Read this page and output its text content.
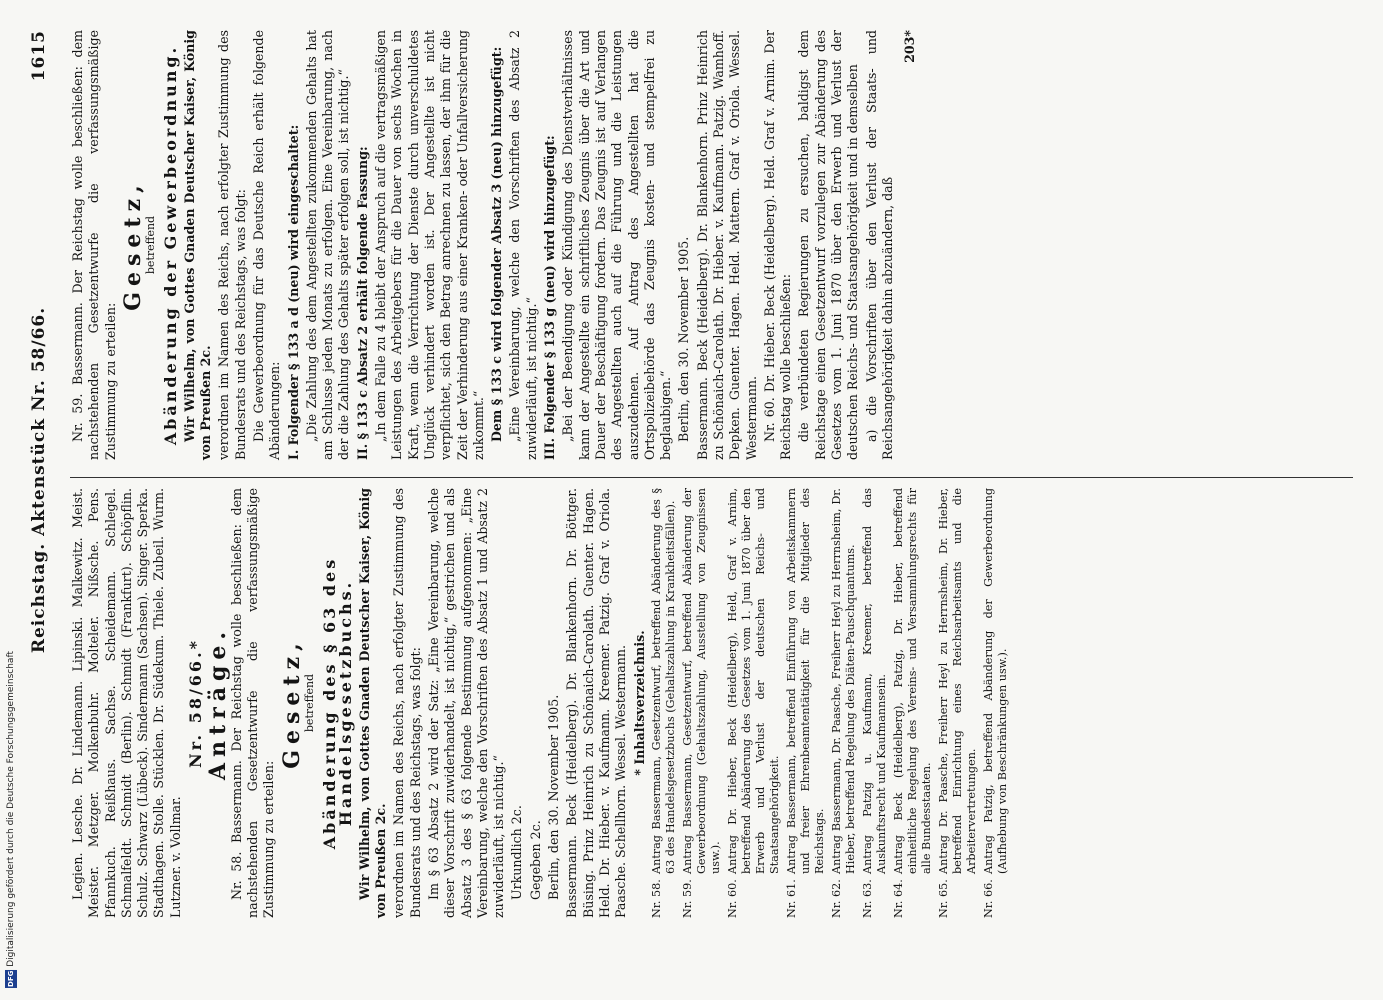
DFG Digitalisierung gefördert durch die Deutsche Forschungsgemeinschaft
Reichstag. Aktenstück Nr. 58/66.
1615

Legien. Lesche. Dr. Lindemann. Lipinski. Malkewitz. Meist. Meister. Metzger. Molkenbuhr. Molteler. Nißsche. Pens. Pfannkuch. Reißhaus. Sachse. Scheidemann. Schlegel. Schmalfeldt. Schmidt (Berlin). Schmidt (Frankfurt). Schöpflin. Schulz. Schwarz (Lübeck). Sindermann (Sachsen). Singer. Sperka. Stadthagen. Stolle. Stücklen. Dr. Südekum. Thiele. Zubeil. Wurm. Lutzner. v. Vollmar.

Nr. 58/66.* Anträge.

Nr. 58. Bassermann. Der Reichstag wolle beschließen: dem nachstehenden Gesetzentwurfe die verfassungsmäßige Zustimmung zu erteilen:

Gesetz,

betreffend Abänderung des § 63 des Handelsgesetzbuchs. Wir Wilhelm, von Gottes Gnaden Deutscher Kaiser, König von Preußen 2c. verordnen im Namen des Reichs, nach erfolgter Zustimmung des Bundesrats und des Reichstags, was folgt: Im § 63 Absatz 2 wird der Satz: „Eine Vereinbarung, welche dieser Vorschrift zuwiderhandelt, ist nichtig,“ gestrichen und als Absatz 3 des § 63 folgende Bestimmung aufgenommen: „Eine Vereinbarung, welche den Vorschriften des Absatz 1 und Absatz 2 zuwiderläuft, ist nichtig.“ Urkundlich 2c. Gegeben 2c. Berlin, den 30. November 1905. Bassermann. Beck (Heidelberg). Dr. Blankenhorn. Dr. Böttger. Büsing. Prinz Heinrich zu Schönaich-Carolath. Guenter. Hagen. Held. Dr. Hieber. v. Kaufmann. Kreemer. Patzig. Graf v. Oriola. Paasche. Schellhorn. Wessel. Westermann. * Inhaltsverzeichnis.

Nr. 58.
Antrag Bassermann, Gesetzentwurf, betreffend Abänderung des § 63 des Handelsgesetzbuchs (Gehaltszahlung in Krankheitsfällen).
Nr. 59.
Antrag Bassermann, Gesetzentwurf, betreffend Abänderung der Gewerbeordnung (Gehaltszahlung, Ausstellung von Zeugnissen usw.).
Nr. 60.
Antrag Dr. Hieber, Beck (Heidelberg), Held, Graf v. Arnim, betreffend Abänderung des Gesetzes vom 1. Juni 1870 über den Erwerb und Verlust der deutschen Reichs- und Staatsangehörigkeit.
Nr. 61.
Antrag Bassermann, betreffend Einführung von Arbeitskammern und freier Ehrenbeamtentätigkeit für die Mitglieder des Reichstags.
Nr. 62.
Antrag Bassermann, Dr. Paasche, Freiherr Heyl zu Herrnsheim, Dr. Hieber, betreffend Regelung des Diäten-Pauschquantums.
Nr. 63.
Antrag Patzig u. Kaufmann, Kreemer, betreffend das Auskunftsrecht und Kaufmannsein.
Nr. 64.
Antrag Beck (Heidelberg), Patzig, Dr. Hieber, betreffend einheitliche Regelung des Vereins- und Versammlungsrechts für alle Bundesstaaten.
Nr. 65.
Antrag Dr. Paasche, Freiherr Heyl zu Herrnsheim, Dr. Hieber, betreffend Einrichtung eines Reichsarbeitsamts und die Arbeitervertretungen.
Nr. 66.
Antrag Patzig, betreffend Abänderung der Gewerbeordnung (Aufhebung von Beschränkungen usw.).

Nr. 59. Bassermann. Der Reichstag wolle beschließen: dem nachstehenden Gesetzentwurfe die verfassungsmäßige Zustimmung zu erteilen:

Gesetz,

betreffend Abänderung der Gewerbeordnung. Wir Wilhelm, von Gottes Gnaden Deutscher Kaiser, König von Preußen 2c. verordnen im Namen des Reichs, nach erfolgter Zustimmung des Bundesrats und des Reichstags, was folgt: Die Gewerbeordnung für das Deutsche Reich erhält folgende Abänderungen: I. Folgender § 133 a d (neu) wird eingeschaltet: „Die Zahlung des dem Angestellten zukommenden Gehalts hat am Schlusse jeden Monats zu erfolgen. Eine Vereinbarung, nach der die Zahlung des Gehalts später erfolgen soll, ist nichtig.“ II. § 133 c Absatz 2 erhält folgende Fassung: „In dem Falle zu 4 bleibt der Anspruch auf die vertragsmäßigen Leistungen des Arbeitgebers für die Dauer von sechs Wochen in Kraft, wenn die Verrichtung der Dienste durch unverschuldetes Unglück verhindert worden ist. Der Angestellte ist nicht verpflichtet, sich den Betrag anrechnen zu lassen, der ihm für die Zeit der Verhinderung aus einer Kranken- oder Unfallversicherung zukommt.“ Dem § 133 c wird folgender Absatz 3 (neu) hinzugefügt: „Eine Vereinbarung, welche den Vorschriften des Absatz 2 zuwiderläuft, ist nichtig.“ III. Folgender § 133 g (neu) wird hinzugefügt: „Bei der Beendigung oder Kündigung des Dienstverhältnisses kann der Angestellte ein schriftliches Zeugnis über die Art und Dauer der Beschäftigung fordern. Das Zeugnis ist auf Verlangen des Angestellten auch auf die Führung und die Leistungen auszudehnen. Auf Antrag des Angestellten hat die Ortspolizeibehörde das Zeugnis kosten- und stempelfrei zu beglaubigen.“ Berlin, den 30. November 1905. Bassermann. Beck (Heidelberg). Dr. Blankenhorn. Prinz Heinrich zu Schönaich-Carolath. Dr. Hieber. v. Kaufmann. Patzig. Wamhoff. Depken. Guenter. Hagen. Held. Mattern. Graf v. Oriola. Wessel. Westermann. Nr. 60. Dr. Hieber. Beck (Heidelberg). Held. Graf v. Arnim. Der Reichstag wolle beschließen: die verbündeten Regierungen zu ersuchen, baldigst dem Reichstage einen Gesetzentwurf vorzulegen zur Abänderung des Gesetzes vom 1. Juni 1870 über den Erwerb und Verlust der deutschen Reichs- und Staatsangehörigkeit und in demselben a) die Vorschriften über den Verlust der Staats- und Reichsangehörigkeit dahin abzuändern, daß

203*
